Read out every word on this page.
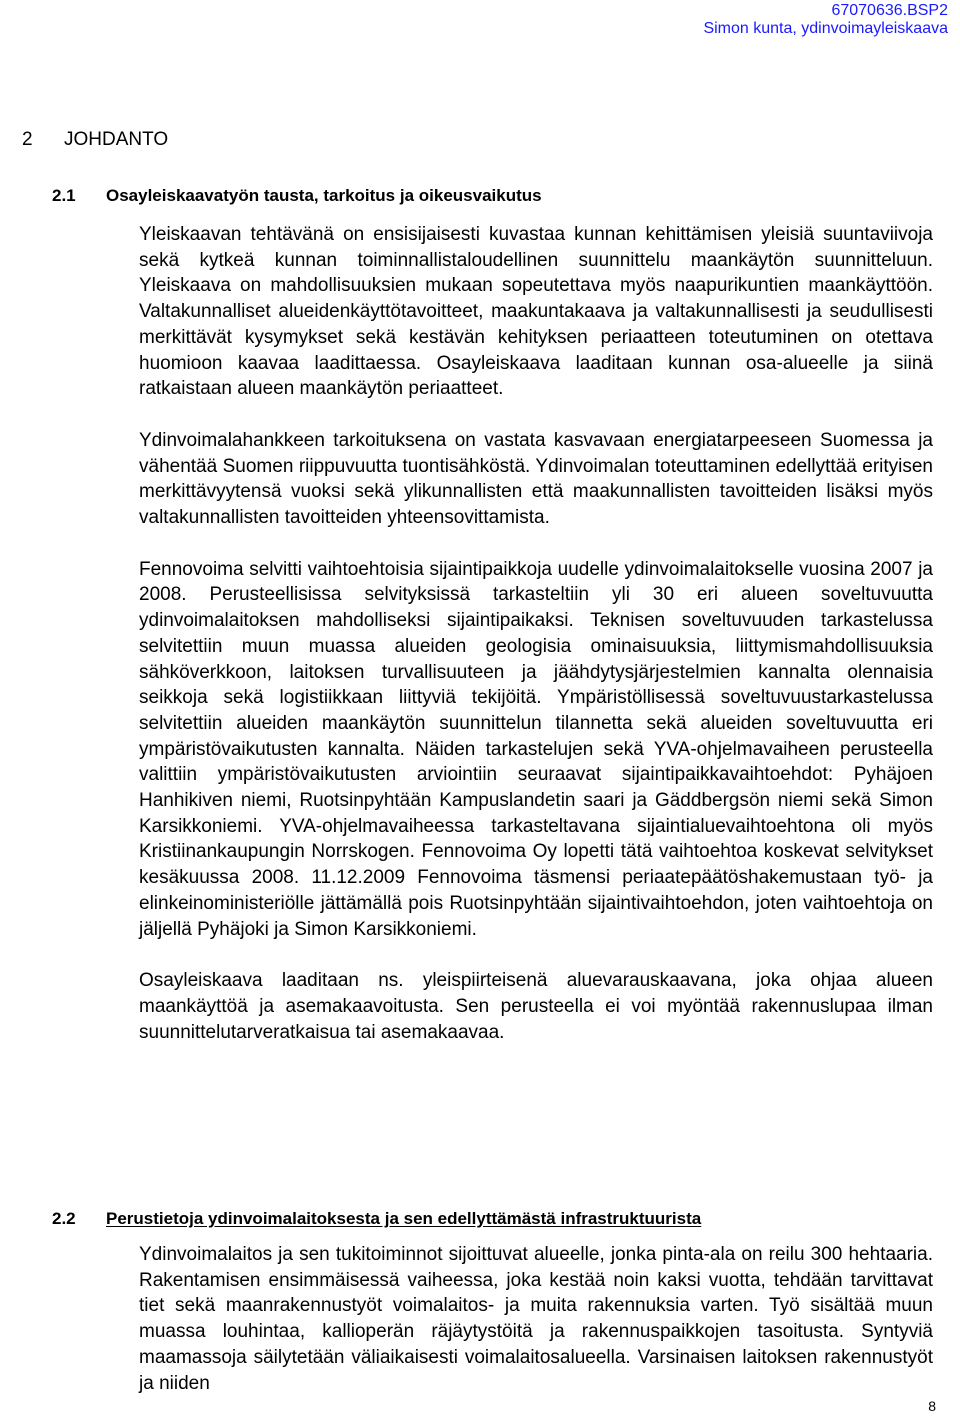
67070636.BSP2
Simon kunta, ydinvoimayleiskaava
2 JOHDANTO
2.1 Osayleiskaavatyön tausta, tarkoitus ja oikeusvaikutus

Yleiskaavan tehtävänä on ensisijaisesti kuvastaa kunnan kehittämisen yleisiä suuntaviivoja sekä kytkeä kunnan toiminnallistaloudellinen suunnittelu maankäytön suunnitteluun. Yleiskaava on mahdollisuuksien mukaan sopeutettava myös naapurikuntien maankäyttöön. Valtakunnalliset alueidenkäyttötavoitteet, maakuntakaava ja valtakunnallisesti ja seudullisesti merkittävät kysymykset sekä kestävän kehityksen periaatteen toteutuminen on otettava huomioon kaavaa laadittaessa. Osayleiskaava laaditaan kunnan osa-alueelle ja siinä ratkaistaan alueen maankäytön periaatteet.

Ydinvoimalahankkeen tarkoituksena on vastata kasvavaan energiatarpeeseen Suomessa ja vähentää Suomen riippuvuutta tuontisähköstä. Ydinvoimalan toteuttaminen edellyttää erityisen merkittävyytensä vuoksi sekä ylikunnallisten että maakunnallisten tavoitteiden lisäksi myös valtakunnallisten tavoitteiden yhteensovittamista.

Fennovoima selvitti vaihtoehtoisia sijaintipaikkoja uudelle ydinvoimalaitokselle vuosina 2007 ja 2008. Perusteellisissa selvityksissä tarkasteltiin yli 30 eri alueen soveltuvuutta ydinvoimalaitoksen mahdolliseksi sijaintipaikaksi. Teknisen soveltuvuuden tarkastelussa selvitettiin muun muassa alueiden geologisia ominaisuuksia, liittymismahdollisuuksia sähköverkkoon, laitoksen turvallisuuteen ja jäähdytysjärjestelmien kannalta olennaisia seikkoja sekä logistiikkaan liittyviä tekijöitä. Ympäristöllisessä soveltuvuustarkastelussa selvitettiin alueiden maankäytön suunnittelun tilannetta sekä alueiden soveltuvuutta eri ympäristövaikutusten kannalta. Näiden tarkastelujen sekä YVA-ohjelmavaiheen perusteella valittiin ympäristövaikutusten arviointiin seuraavat sijaintipaikkavaihtoehdot: Pyhäjoen Hanhikiven niemi, Ruotsinpyhtään Kampuslandetin saari ja Gäddbergsön niemi sekä Simon Karsikkoniemi. YVA-ohjelmavaiheessa tarkasteltavana sijaintialuevaihtoehtona oli myös Kristiinankaupungin Norrskogen. Fennovoima Oy lopetti tätä vaihtoehtoa koskevat selvitykset kesäkuussa 2008. 11.12.2009 Fennovoima täsmensi periaatepäätöshakemustaan työ- ja elinkeinoministeriölle jättämällä pois Ruotsinpyhtään sijaintivaihtoehdon, joten vaihtoehtoja on jäljellä Pyhäjoki ja Simon Karsikkoniemi.

Osayleiskaava laaditaan ns. yleispiirteisenä aluevarauskaavana, joka ohjaa alueen maankäyttöä ja asemakaavoitusta. Sen perusteella ei voi myöntää rakennuslupaa ilman suunnittelutarveratkaisua tai asemakaavaa.

2.2 Perustietoja ydinvoimalaitoksesta ja sen edellyttämästä infrastruktuurista

Ydinvoimalaitos ja sen tukitoiminnot sijoittuvat alueelle, jonka pinta-ala on reilu 300 hehtaaria. Rakentamisen ensimmäisessä vaiheessa, joka kestää noin kaksi vuotta, tehdään tarvittavat tiet sekä maanrakennustyöt voimalaitos- ja muita rakennuksia varten. Työ sisältää muun muassa louhintaa, kallioperän räjäytystöitä ja rakennuspaikkojen tasoitusta. Syntyviä maamassoja säilytetään väliaikaisesti voimalaitosalueella. Varsinaisen laitoksen rakennustyöt ja niiden

8
